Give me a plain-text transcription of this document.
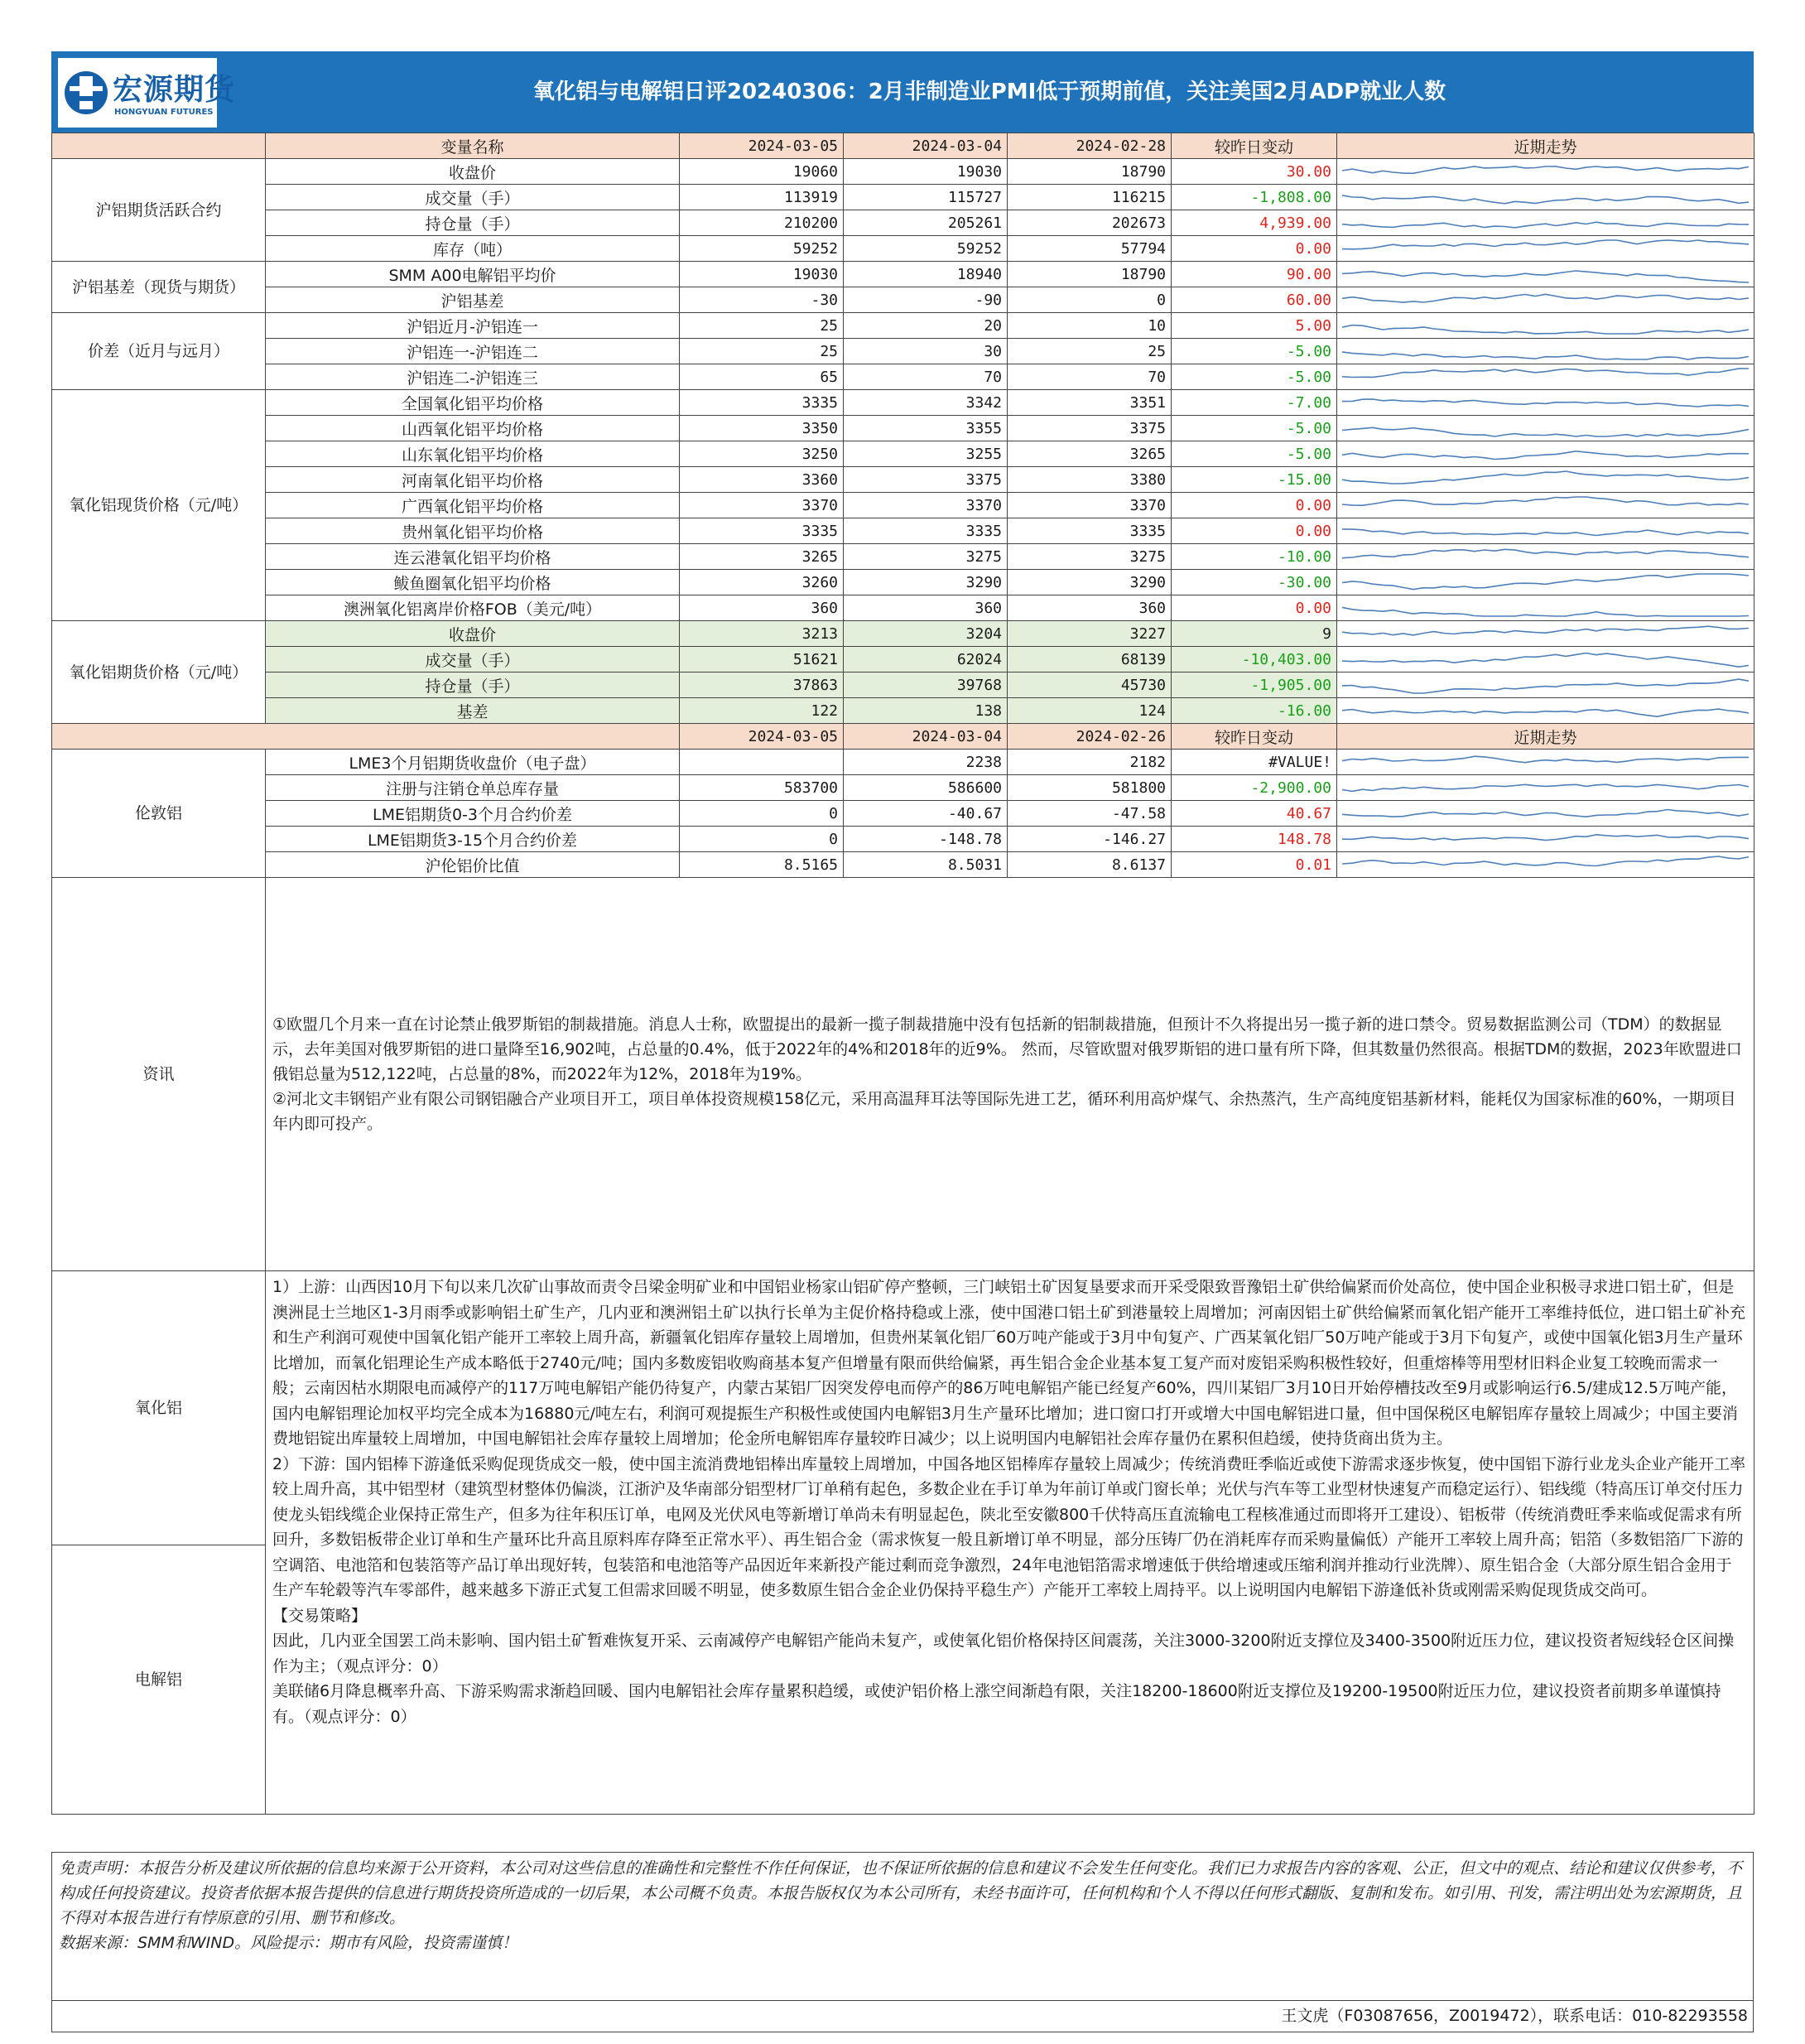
宏源期货
HONGYUAN FUTURES
氧化铝与电解铝日评20240306：2月非制造业PMI低于预期前值，关注美国2月ADP就业人数
	变量名称	2024-03-05	2024-03-04	2024-02-28	较昨日变动	近期走势
沪铝期货活跃合约	收盘价	19060	19030	18790	30.00	

	成交量（手）	113919	115727	116215	-1,808.00	

	持仓量（手）	210200	205261	202673	4,939.00	

	库存（吨）	59252	59252	57794	0.00	

沪铝基差（现货与期货）	SMM A00电解铝平均价	19030	18940	18790	90.00	

	沪铝基差	-30	-90	0	60.00	

价差（近月与远月）	沪铝近月-沪铝连一	25	20	10	5.00	

	沪铝连一-沪铝连二	25	30	25	-5.00	

	沪铝连二-沪铝连三	65	70	70	-5.00	

氧化铝现货价格（元/吨）	全国氧化铝平均价格	3335	3342	3351	-7.00	

	山西氧化铝平均价格	3350	3355	3375	-5.00	

	山东氧化铝平均价格	3250	3255	3265	-5.00	

	河南氧化铝平均价格	3360	3375	3380	-15.00	

	广西氧化铝平均价格	3370	3370	3370	0.00	

	贵州氧化铝平均价格	3335	3335	3335	0.00	

	连云港氧化铝平均价格	3265	3275	3275	-10.00	

	鲅鱼圈氧化铝平均价格	3260	3290	3290	-30.00	

	澳洲氧化铝离岸价格FOB（美元/吨）	360	360	360	0.00	

氧化铝期货价格（元/吨）	收盘价	3213	3204	3227	9	

	成交量（手）	51621	62024	68139	-10,403.00	

	持仓量（手）	37863	39768	45730	-1,905.00	

	基差	122	138	124	-16.00	

		2024-03-05	2024-03-04	2024-02-26	较昨日变动	近期走势
伦敦铝	LME3个月铝期货收盘价（电子盘）		2238	2182	#VALUE!	

	注册与注销仓单总库存量	583700	586600	581800	-2,900.00	

	LME铝期货0-3个月合约价差	0	-40.67	-47.58	40.67	

	LME铝期货3-15个月合约价差	0	-148.78	-146.27	148.78	

	沪伦铝价比值	8.5165	8.5031	8.6137	0.01	

资讯	①欧盟几个月来一直在讨论禁止俄罗斯铝的制裁措施。消息人士称，欧盟提出的最新一揽子制裁措施中没有包括新的铝制裁措施，但预计不久将提出另一揽子新的进口禁令。贸易数据监测公司（TDM）的数据显示，去年美国对俄罗斯铝的进口量降至16,902吨，占总量的0.4%，低于2022年的4%和2018年的近9%。 然而，尽管欧盟对俄罗斯铝的进口量有所下降，但其数量仍然很高。根据TDM的数据，2023年欧盟进口俄铝总量为512,122吨，占总量的8%，而2022年为12%，2018年为19%。

②河北文丰钢铝产业有限公司钢铝融合产业项目开工，项目单体投资规模158亿元，采用高温拜耳法等国际先进工艺，循环利用高炉煤气、余热蒸汽，生产高纯度铝基新材料，能耗仅为国家标准的60%，一期项目年内即可投产。					

氧化铝	1）上游：山西因10月下旬以来几次矿山事故而责令吕梁金明矿业和中国铝业杨家山铝矿停产整顿，三门峡铝土矿因复垦要求而开采受限致晋豫铝土矿供给偏紧而价处高位，使中国企业积极寻求进口铝土矿，但是澳洲昆士兰地区1-3月雨季或影响铝土矿生产，几内亚和澳洲铝土矿以执行长单为主促价格持稳或上涨，使中国港口铝土矿到港量较上周增加；河南因铝土矿供给偏紧而氧化铝产能开工率维持低位，进口铝土矿补充和生产利润可观使中国氧化铝产能开工率较上周升高，新疆氧化铝库存量较上周增加，但贵州某氧化铝厂60万吨产能或于3月中旬复产、广西某氧化铝厂50万吨产能或于3月下旬复产，或使中国氧化铝3月生产量环比增加，而氧化铝理论生产成本略低于2740元/吨；国内多数废铝收购商基本复产但增量有限而供给偏紧，再生铝合金企业基本复工复产而对废铝采购积极性较好，但重熔棒等用型材旧料企业复工较晚而需求一般；云南因枯水期限电而减停产的117万吨电解铝产能仍待复产，内蒙古某铝厂因突发停电而停产的86万吨电解铝产能已经复产60%，四川某铝厂3月10日开始停槽技改至9月或影响运行6.5/建成12.5万吨产能，国内电解铝理论加权平均完全成本为16880元/吨左右，利润可观提振生产积极性或使国内电解铝3月生产量环比增加；进口窗口打开或增大中国电解铝进口量，但中国保税区电解铝库存量较上周减少；中国主要消费地铝锭出库量较上周增加，中国电解铝社会库存量较上周增加；伦金所电解铝库存量较昨日减少；以上说明国内电解铝社会库存量仍在累积但趋缓，使持货商出货为主。

2）下游：国内铝棒下游逢低采购促现货成交一般，使中国主流消费地铝棒出库量较上周增加，中国各地区铝棒库存量较上周减少；传统消费旺季临近或使下游需求逐步恢复，使中国铝下游行业龙头企业产能开工率较上周升高，其中铝型材（建筑型材整体仍偏淡，江浙沪及华南部分铝型材厂订单稍有起色，多数企业在手订单为年前订单或门窗长单；光伏与汽车等工业型材快速复产而稳定运行）、铝线缆（特高压订单交付压力使龙头铝线缆企业保持正常生产，但多为往年积压订单，电网及光伏风电等新增订单尚未有明显起色，陕北至安徽800千伏特高压直流输电工程核准通过而即将开工建设）、铝板带（传统消费旺季来临或促需求有所回升，多数铝板带企业订单和生产量环比升高且原料库存降至正常水平）、再生铝合金（需求恢复一般且新增订单不明显，部分压铸厂仍在消耗库存而采购量偏低）产能开工率较上周升高；铝箔（多数铝箔厂下游的空调箔、电池箔和包装箔等产品订单出现好转，包装箔和电池箔等产品因近年来新投产能过剩而竞争激烈，24年电池铝箔需求增速低于供给增速或压缩利润并推动行业洗牌）、原生铝合金（大部分原生铝合金用于生产车轮毂等汽车零部件，越来越多下游正式复工但需求回暖不明显，使多数原生铝合金企业仍保持平稳生产）产能开工率较上周持平。以上说明国内电解铝下游逢低补货或刚需采购促现货成交尚可。

【交易策略】

因此，几内亚全国罢工尚未影响、国内铝土矿暂难恢复开采、云南减停产电解铝产能尚未复产，或使氧化铝价格保持区间震荡，关注3000-3200附近支撑位及3400-3500附近压力位，建议投资者短线轻仓区间操作为主；（观点评分：0）

美联储6月降息概率升高、下游采购需求渐趋回暖、国内电解铝社会库存量累积趋缓，或使沪铝价格上涨空间渐趋有限，关注18200-18600附近支撑位及19200-19500附近压力位，建议投资者前期多单谨慎持有。（观点评分：0）					

电解铝						

免责声明：本报告分析及建议所依据的信息均来源于公开资料，本公司对这些信息的准确性和完整性不作任何保证，也不保证所依据的信息和建议不会发生任何变化。我们已力求报告内容的客观、公正，但文中的观点、结论和建议仅供参考，不构成任何投资建议。投资者依据本报告提供的信息进行期货投资所造成的一切后果，本公司概不负责。本报告版权仅为本公司所有，未经书面许可，任何机构和个人不得以任何形式翻版、复制和发布。如引用、刊发，需注明出处为宏源期货，且不得对本报告进行有悖原意的引用、删节和修改。

数据来源：SMM和WIND。风险提示：期市有风险，投资需谨慎！

王文虎（F03087656，Z0019472），联系电话：010-82293558
